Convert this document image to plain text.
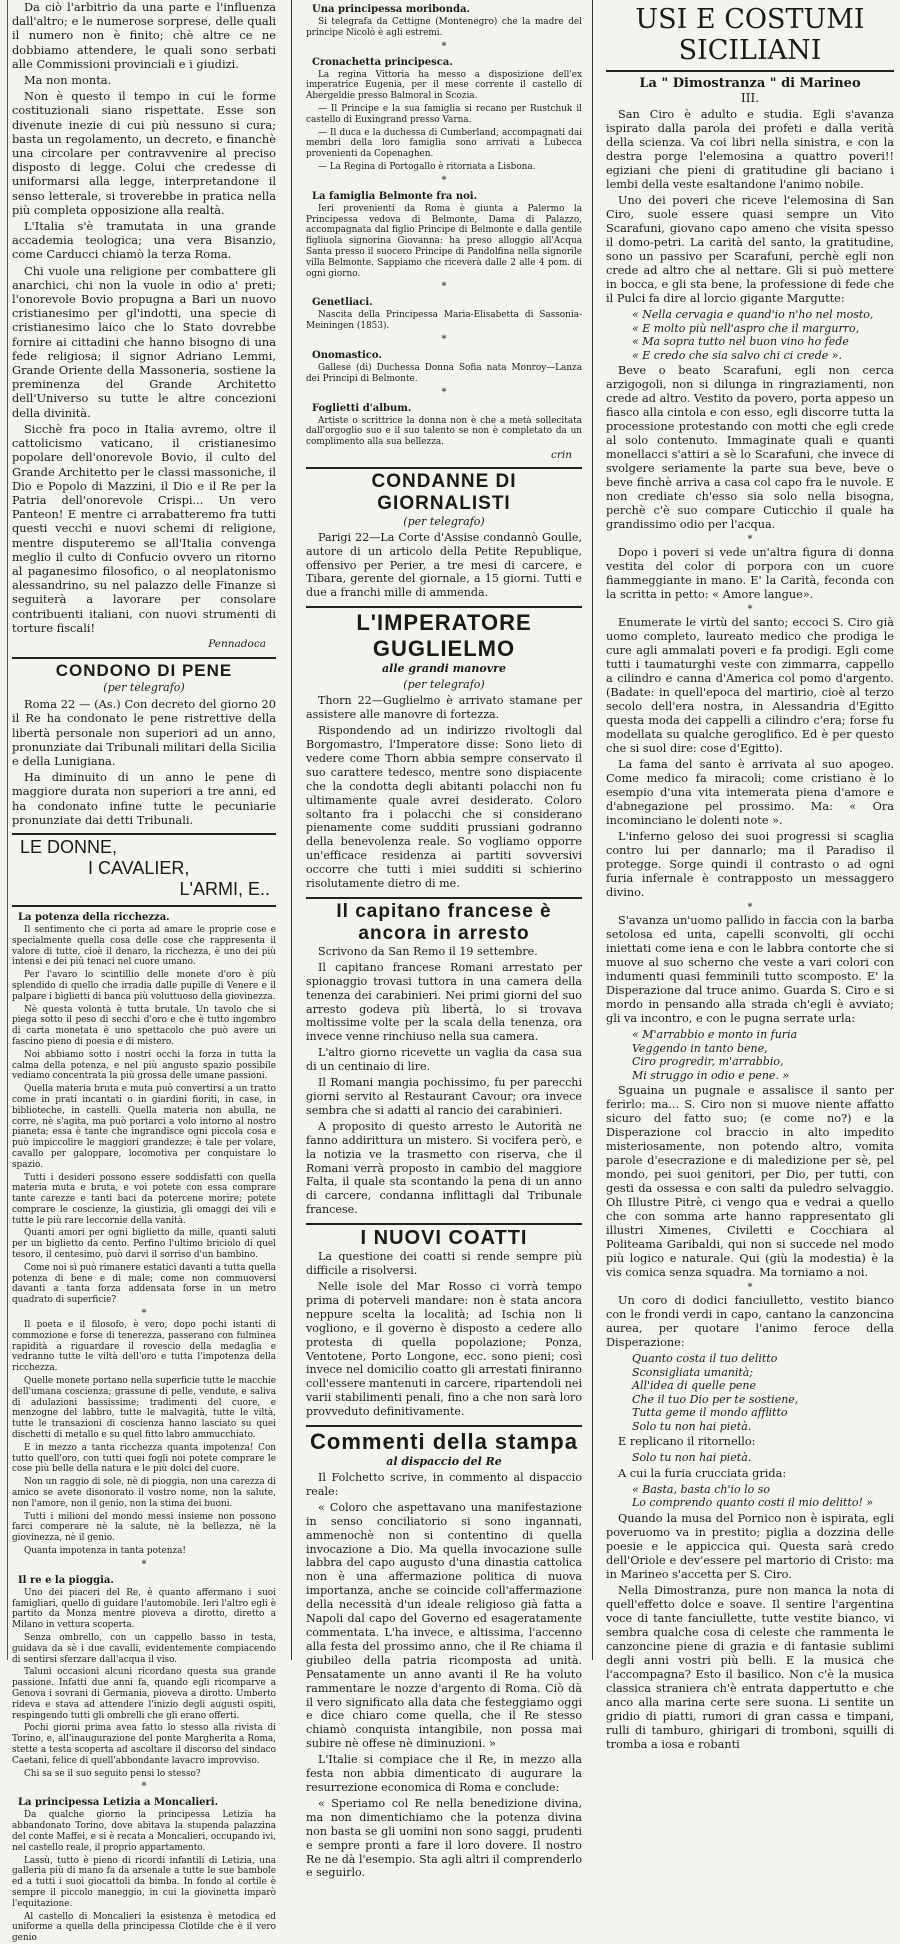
Da ciò l'arbitrio da una parte e l'influenza dall'altro; e le numerose sorprese, delle quali il numero non è finito; chè altre ce ne dobbiamo attendere, le quali sono serbati alle Commissioni provinciali e i giudizi.

Ma non monta.

Non è questo il tempo in cui le forme costituzionali siano rispettate. Esse son divenute inezie di cui più nessuno si cura; basta un regolamento, un decreto, e financhè una circolare per contravvenire al preciso disposto di legge. Colui che credesse di uniformarsi alla legge, interpretandone il senso letterale, si troverebbe in pratica nella più completa opposizione alla realtà.

L'Italia s'è tramutata in una grande accademia teologica; una vera Bisanzio, come Carducci chiamò la terza Roma.

Chi vuole una religione per combattere gli anarchici, chi non la vuole in odio a' preti; l'onorevole Bovio propugna a Bari un nuovo cristianesimo per gl'indotti, una specie di cristianesimo laico che lo Stato dovrebbe fornire ai cittadini che hanno bisogno di una fede religiosa; il signor Adriano Lemmi, Grande Oriente della Massoneria, sostiene la preminenza del Grande Architetto dell'Universo su tutte le altre concezioni della divinità.

Sicchè fra poco in Italia avremo, oltre il cattolicismo vaticano, il cristianesimo popolare dell'onorevole Bovio, il culto del Grande Architetto per le classi massoniche, il Dio e Popolo di Mazzini, il Dio e il Re per la Patria dell'onorevole Crispi... Un vero Panteon! E mentre ci arrabatteremo fra tutti questi vecchi e nuovi schemi di religione, mentre disputeremo se all'Italia convenga meglio il culto di Confucio ovvero un ritorno al paganesimo filosofico, o al neoplatonismo alessandrino, su nel palazzo delle Finanze si seguiterà a lavorare per consolare contribuenti italiani, con nuovi strumenti di torture fiscali!

Pennadoca

CONDONO DI PENE
(per telegrafo)

Roma 22 — (As.) Con decreto del giorno 20 il Re ha condonato le pene ristrettive della libertà personale non superiori ad un anno, pronunziate dai Tribunali militari della Sicilia e della Lunigiana.

Ha diminuito di un anno le pene di maggiore durata non superiori a tre anni, ed ha condonato infine tutte le pecuniarie pronunziate dai detti Tribunali.

LE DONNE,
I CAVALIER,
L'ARMI, E..
La potenza della ricchezza.

Il sentimento che ci porta ad amare le proprie cose e specialmente quella cosa delle cose che rappresenta il valore di tutte, cioè il denaro, la ricchezza, è uno dei più intensi e dei più tenaci nel cuore umano.

Per l'avaro lo scintillio delle monete d'oro è più splendido di quello che irradia dalle pupille di Venere e il palpare i biglietti di banca più voluttuoso della giovinezza.

Nè questa volontà è tutta brutale. Un tavolo che si piega sotto il peso di secchi d'oro e che è tutto ingombro di carta monetata è uno spettacolo che può avere un fascino pieno di poesia e di mistero.

Noi abbiamo sotto i nostri occhi la forza in tutta la calma della potenza, e nel più angusto spazio possibile vediamo concentrata la più grossa delle umane passioni.

Quella materia bruta e muta può convertirsi a un tratto come in prati incantati o in giardini fioriti, in case, in biblioteche, in castelli. Quella materia non abulla, ne corre, nè s'agita, ma può portarci a volo intorno al nostro pianeta; essa è tante che ingrandisce ogni piccola cosa e può impiccolire le maggiori grandezze; è tale per volare, cavallo per galoppare, locomotiva per conquistare lo spazio.

Tutti i desideri possono essere soddisfatti con quella materia muta e bruta, e voi potete con essa comprare tante carezze e tanti baci da potercene morire; potete comprare le coscienze, la giustizia, gli omaggi dei vili e tutte le più rare leccornie della vanità.

Quanti amori per ogni biglietto da mille, quanti saluti per un biglietto da cento. Perfino l'ultimo briciolo di quel tesoro, il centesimo, può darvi il sorriso d'un bambino.

Come noi sì può rimanere estatici davanti a tutta quella potenza di bene e di male; come non commuoversi davanti a tanta forza addensata forse in un metro quadrato di superficie?

*

Il poeta e il filosofo, è vero, dopo pochi istanti di commozione e forse di tenerezza, passerano con fulminea rapidità a riguardare il rovescio della medaglia e vedranno tutte le viltà dell'oro e tutta l'impotenza della ricchezza.

Quelle monete portano nella superficie tutte le macchie dell'umana coscienza; grassune di pelle, vendute, e saliva di adulazioni bassissime; tradimenti del cuore, e menzogne del labbro, tutte le malvagità, tutte le viltà, tutte le transazioni di coscienza hanno lasciato su quei dischetti di metallo e su quel fitto labro ammucchiato.

E in mezzo a tanta ricchezza quanta impotenza! Con tutto quell'oro, con tutti quei fogli noi potete comprare le cose più belle della natura e le più dolci del cuore.

Non un raggio di sole, nè di pioggia, non una carezza di amico se avete disonorato il vostro nome, non la salute, non l'amore, non il genio, non la stima dei buoni.

Tutti i milioni del mondo messi insieme non possono farci comperare nè la salute, nè la bellezza, nè la giovinezza, nè il genio.

Quanta impotenza in tanta potenza!

*
Il re e la pioggia.

Uno dei piaceri del Re, è quanto affermano i suoi famigliari, quello di guidare l'automobile. Ieri l'altro egli è partito da Monza mentre pioveva a dirotto, diretto a Milano in vettura scoperta.

Senza ombrello, con un cappello basso in testa, guidava da sè i due cavalli, evidentemente compiacendo di sentirsi sferzare dall'acqua il viso.

Taluni occasioni alcuni ricordano questa sua grande passione. Infatti due anni fa, quando egli ricomparve a Genova i sovrani di Germania, pioveva a dirotto. Umberto rideva e stava ad attendere l'inizio degli augusti ospiti, respingendo tutti gli ombrelli che gli erano offerti.

Pochi giorni prima avea fatto lo stesso alla rivista di Torino, e, all'inaugurazione del ponte Margherita a Roma, stette a testa scoperta ad ascoltare il discorso del sindaco Caetani, felice di quell'abbondante lavacro improvviso.

Chi sa se il suo seguito pensi lo stesso?

*
La principessa Letizia a Moncalieri.

Da qualche giorno la principessa Letizia ha abbandonato Torino, dove abitava la stupenda palazzina del conte Maffei, e si è recata a Moncalieri, occupando ivi, nel castello reale, il proprio appartamento.

Lassù, tutto è pieno di ricordi infantili di Letizia, una galleria più di mano fa da arsenale a tutte le sue bambole ed a tutti i suoi giocattoli da bimba. In fondo al cortile è sempre il piccolo maneggio, in cui la giovinetta imparò l'equitazione.

Al castello di Moncalieri la esistenza è metodica ed uniforme a quella della principessa Clotilde che è il vero genio

Una principessa moribonda.

Si telegrafa da Cettigne (Montenegro) che la madre del principe Nicolò è agli estremi.

*
Cronachetta principesca.

La regina Vittoria ha messo a disposizione dell'ex imperatrice Eugenia, per il mese corrente il castello di Abergeldie presso Balmoral in Scozia.

— Il Principe e la sua famiglia si recano per Rustchuk il castello di Euxingrand presso Varna.

— Il duca e la duchessa di Cumberland, accompagnati dai membri della loro famiglia sono arrivati a Lubecca provenienti da Copenaghen.

— La Regina di Portogallo è ritornata a Lisbona.

*
La famiglia Belmonte fra noi.

Ieri provenienti da Roma è giunta a Palermo la Principessa vedova di Belmonte, Dama di Palazzo, accompagnata dal figlio Principe di Belmonte e dalla gentile figliuola signorina Giovanna: ha preso alloggio all'Acqua Santa presso il suocero Principe di Pandolfina nella signorile villa Belmonte. Sappiamo che riceverà dalle 2 alle 4 pom. di ogni giorno.

*
Genetliaci.

Nascita della Principessa Maria-Elisabetta di Sassonia-Meiningen (1853).

*
Onomastico.

Gallese (di) Duchessa Donna Sofia nata Monroy—Lanza dei Principi di Belmonte.

*
Foglietti d'album.

Artiste o scrittrice la donna non è che a metà sollecitata dall'orgoglio suo e il suo talento se non è completato da un complimento alla sua bellezza.

crin

CONDANNE DI GIORNALISTI
(per telegrafo)

Parigi 22—La Corte d'Assise condannò Goulle, autore di un articolo della Petite Republique, offensivo per Perier, a tre mesi di carcere, e Tibara, gerente del giornale, a 15 giorni. Tutti e due a franchi mille di ammenda.

L'IMPERATORE GUGLIELMO
alle grandi manovre
(per telegrafo)

Thorn 22—Guglielmo è arrivato stamane per assistere alle manovre di fortezza.

Rispondendo ad un indirizzo rivoltogli dal Borgomastro, l'Imperatore disse: Sono lieto di vedere come Thorn abbia sempre conservato il suo carattere tedesco, mentre sono dispiacente che la condotta degli abitanti polacchi non fu ultimamente quale avrei desiderato. Coloro soltanto fra i polacchi che si considerano pienamente come sudditi prussiani godranno della benevolenza reale. So vogliamo opporre un'efficace residenza ai partiti sovversivi occorre che tutti i miei sudditi si schierino risolutamente dietro di me.

Il capitano francese è ancora in arresto

Scrivono da San Remo il 19 settembre.

Il capitano francese Romani arrestato per spionaggio trovasi tuttora in una camera della tenenza dei carabinieri. Nei primi giorni del suo arresto godeva più libertà, lo si trovava moltissime volte per la scala della tenenza, ora invece venne rinchiuso nella sua camera.

L'altro giorno ricevette un vaglia da casa sua di un centinaio di lire.

Il Romani mangia pochissimo, fu per parecchi giorni servito al Restaurant Cavour; ora invece sembra che si adatti al rancio dei carabinieri.

A proposito di questo arresto le Autorità ne fanno addirittura un mistero. Si vocifera però, e la notizia ve la trasmetto con riserva, che il Romani verrà proposto in cambio del maggiore Falta, il quale sta scontando la pena di un anno di carcere, condanna inflittagli dal Tribunale francese.

I NUOVI COATTI

La questione dei coatti si rende sempre più difficile a risolversi.

Nelle isole del Mar Rosso ci vorrà tempo prima di poterveli mandare: non è stata ancora neppure scelta la località; ad Ischia non li vogliono, e il governo è disposto a cedere allo protesta di quella popolazione; Ponza, Ventotene, Porto Longone, ecc. sono pieni; così invece nel domicilio coatto gli arrestati finiranno coll'essere mantenuti in carcere, ripartendoli nei varii stabilimenti penali, fino a che non sarà loro provveduto definitivamente.

Commenti della stampa
al dispaccio del Re

Il Folchetto scrive, in commento al dispaccio reale:

« Coloro che aspettavano una manifestazione in senso conciliatorio si sono ingannati, ammenochè non si contentino di quella invocazione a Dio. Ma quella invocazione sulle labbra del capo augusto d'una dinastia cattolica non è una affermazione politica di nuova importanza, anche se coincide coll'affermazione della necessità d'un ideale religioso già fatta a Napoli dal capo del Governo ed esageratamente commentata. L'ha invece, e altissima, l'accenno alla festa del prossimo anno, che il Re chiama il giubileo della patria ricomposta ad unità. Pensatamente un anno avanti il Re ha voluto rammentare le nozze d'argento di Roma. Ciò dà il vero significato alla data che festeggiamo oggi e dice chiaro come quella, che il Re stesso chiamò conquista intangibile, non possa mai subire nè offese nè diminuzioni. »

L'Italie si compiace che il Re, in mezzo alla festa non abbia dimenticato di augurare la resurrezione economica di Roma e conclude:

« Speriamo col Re nella benedizione divina, ma non dimentichiamo che la potenza divina non basta se gli uomini non sono saggi, prudenti e sempre pronti a fare il loro dovere. Il nostro Re ne dà l'esempio. Sta agli altri il comprenderlo e seguirlo.

USI E COSTUMI SICILIANI
La " Dimostranza " di Marineo
III.

San Ciro è adulto e studia. Egli s'avanza ispirato dalla parola dei profeti e dalla verità della scienza. Va coi libri nella sinistra, e con la destra porge l'elemosina a quattro poveri!! egiziani che pieni di gratitudine gli baciano i lembi della veste esaltandone l'animo nobile.

Uno dei poveri che riceve l'elemosina di San Ciro, suole essere quasi sempre un Vito Scarafuni, giovano capo ameno che visita spesso il domo-petri. La carità del santo, la gratitudine, sono un passivo per Scarafuni, perchè egli non crede ad altro che al nettare. Gli si può mettere in bocca, e gli sta bene, la professione di fede che il Pulci fa dire al lorcio gigante Margutte:

« Nella cervagia e quand'io n'ho nel mosto,
« E molto più nell'aspro che il margurro,
« Ma sopra tutto nel buon vino ho fede
« E credo che sia salvo chi ci crede ».

Beve o beato Scarafuni, egli non cerca arzigogoli, non si dilunga in ringraziamenti, non crede ad altro. Vestito da povero, porta appeso un fiasco alla cintola e con esso, egli discorre tutta la processione protestando con motti che egli crede al solo contenuto. Immaginate quali e quanti monellacci s'attiri a sè lo Scarafuni, che invece di svolgere seriamente la parte sua beve, beve o beve finchè arriva a casa col capo fra le nuvole. E non crediate ch'esso sia solo nella bisogna, perchè c'è suo compare Cuticchio il quale ha grandissimo odio per l'acqua.

*

Dopo i poveri si vede un'altra figura di donna vestita del color di porpora con un cuore fiammeggiante in mano. E' la Carità, feconda con la scritta in petto: « Amore langue».

*

Enumerate le virtù del santo; eccoci S. Ciro già uomo completo, laureato medico che prodiga le cure agli ammalati poveri e fa prodigi. Egli come tutti i taumaturghi veste con zimmarra, cappello a cilindro e canna d'America col pomo d'argento. (Badate: in quell'epoca del martirio, cioè al terzo secolo dell'era nostra, in Alessandria d'Egitto questa moda dei cappelli a cilindro c'era; forse fu modellata su qualche geroglifico. Ed è per questo che si suol dire: cose d'Egitto).

La fama del santo è arrivata al suo apogeo. Come medico fa miracoli; come cristiano è lo esempio d'una vita intemerata piena d'amore e d'abnegazione pel prossimo. Ma: « Ora incominciano le dolenti note ».

L'inferno geloso dei suoi progressi si scaglia contro lui per dannarlo; ma il Paradiso il protegge. Sorge quindi il contrasto o ad ogni furia infernale è contrapposto un messaggero divino.

*

S'avanza un'uomo pallido in faccia con la barba setolosa ed unta, capelli sconvolti, gli occhi iniettati come iena e con le labbra contorte che si muove al suo scherno che veste a vari colori con indumenti quasi femminili tutto scomposto. E' la Disperazione dal truce animo. Guarda S. Ciro e si mordo in pensando alla strada ch'egli è avviato; gli va incontro, e con le pugna serrate urla:

« M'arrabbio e monto in furia
Veggendo in tanto bene,
Ciro progredir, m'arrabbio,
Mi struggo in odio e pene. »

Sguaina un pugnale e assalisce il santo per ferirlo: ma... S. Ciro non si muove niente affatto sicuro del fatto suo; (e come no?) e la Disperazione col braccio in alto impedito misteriosamente, non potendo altro, vomita parole d'esecrazione e di maledizione per sè, pel mondo, pei suoi genitori, per Dio, per tutti, con gesti da ossessa e con salti da puledro selvaggio. Oh Illustre Pitrè, ci vengo qua e vedrai a quello che con somma arte hanno rappresentato gli illustri Ximenes, Civiletti e Cocchiara al Politeama Garibaldi, qui non si succede nel modo più logico e naturale. Qui (giù la modestia) è la vis comica senza squadra. Ma torniamo a noi.

*

Un coro di dodici fanciulletto, vestito bianco con le frondi verdi in capo, cantano la canzoncina aurea, per quotare l'animo feroce della Disperazione:

Quanto costa il tuo delitto
Sconsigliata umanità;
All'idea di quelle pene
Che il tuo Dio per te sostiene,
Tutta geme il mondo afflitto
Solo tu non hai pietà.

E replicano il ritornello:

Solo tu non hai pietà.

A cui la furia crucciata grida:

« Basta, basta ch'io lo so
Lo comprendo quanto costi il mio delitto! »

Quando la musa del Pornico non è ispirata, egli poveruomo va in prestito; piglia a dozzina delle poesie e le appiccica qui. Questa sarà credo dell'Oriole e dev'essere pel martorio di Cristo: ma in Marineo s'accetta per S. Ciro.

Nella Dimostranza, pure non manca la nota di quell'effetto dolce e soave. Il sentire l'argentina voce di tante fanciullette, tutte vestite bianco, vi sembra qualche cosa di celeste che rammenta le canzoncine piene di grazia e di fantasie sublimi degli anni vostri più belli. E la musica che l'accompagna? Esto il basilico. Non c'è la musica classica straniera ch'è entrata dappertutto e che anco alla marina certe sere suona. Li sentite un gridio di piatti, rumori di gran cassa e timpani, rulli di tamburo, ghirigari di tromboni, squilli di tromba a iosa e robanti
